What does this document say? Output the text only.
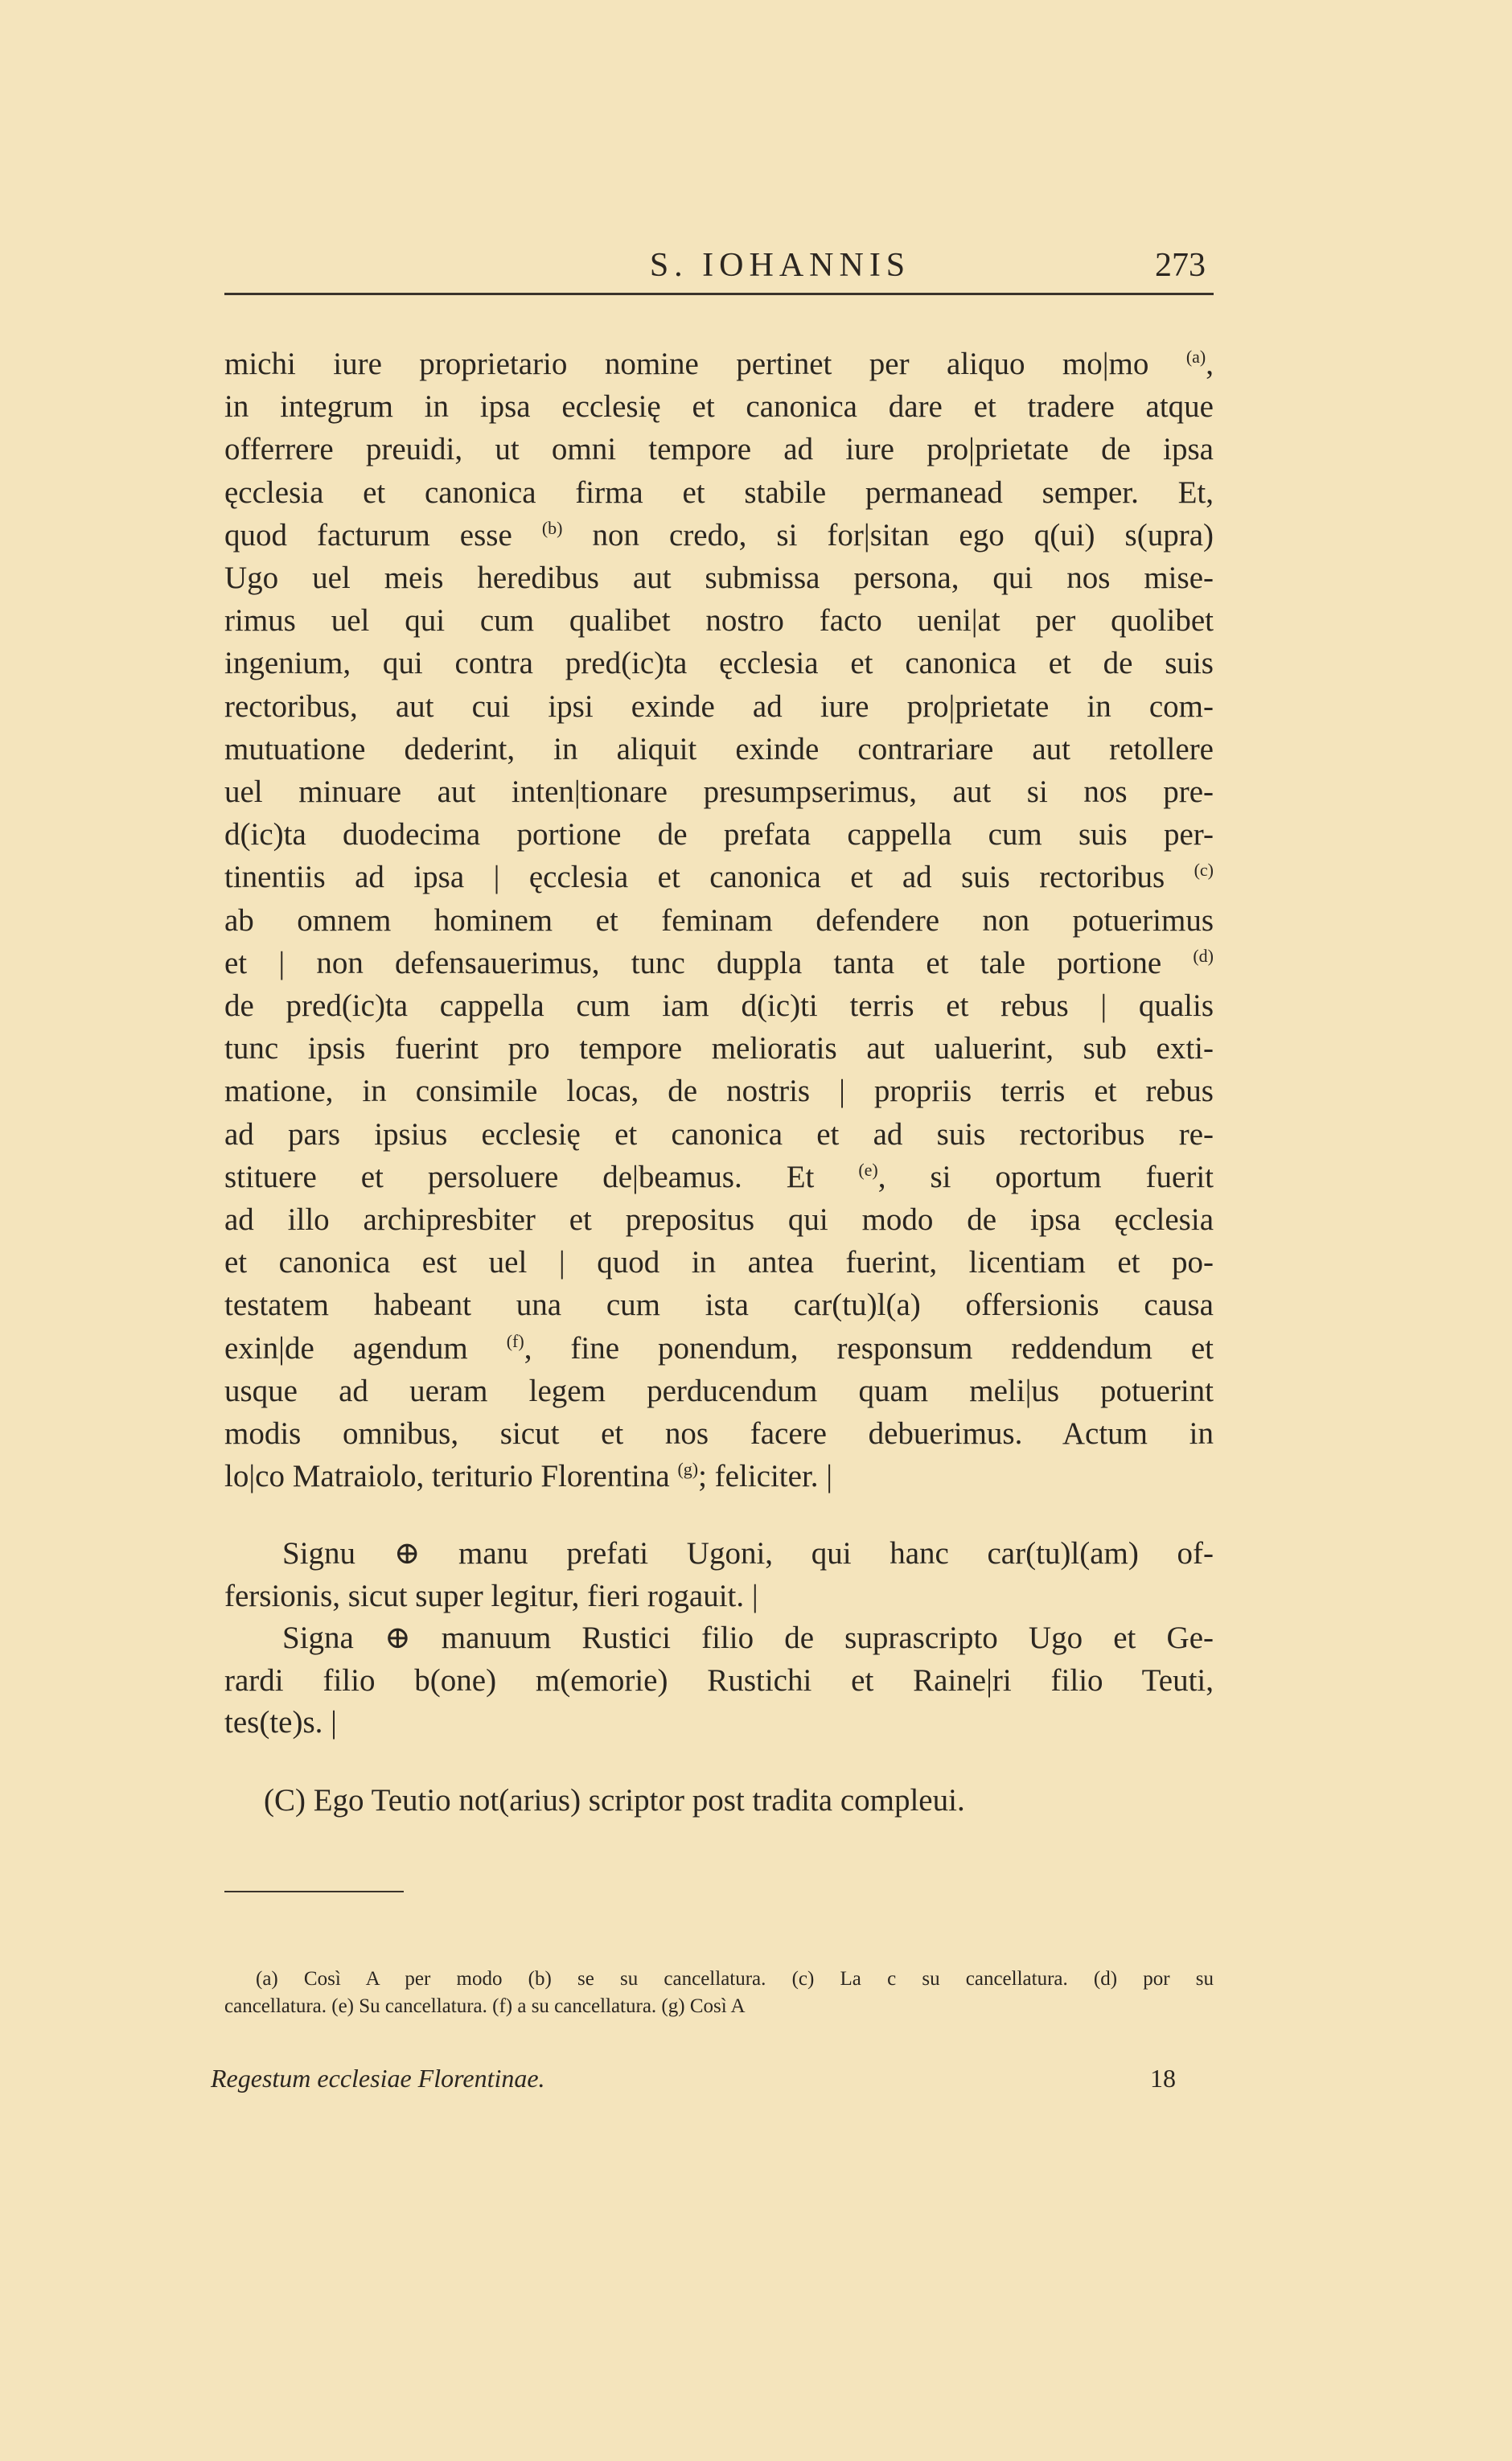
S. IOHANNIS	273
michi iure proprietario nomine pertinet per aliquo mo|mo $^{(a)}$,
in integrum in ipsa ecclesię et canonica dare et tradere atque
offerrere preuidi, ut omni tempore ad iure pro|prietate de ipsa
ęcclesia et canonica firma et stabile permanead semper. Et,
quod facturum esse $^{(b)}$ non credo, si for|sitan ego q(ui) s(upra)
Ugo uel meis heredibus aut submissa persona, qui nos mise-
rimus uel qui cum qualibet nostro facto ueni|at per quolibet
ingenium, qui contra pred(ic)ta ęcclesia et canonica et de suis
rectoribus, aut cui ipsi exinde ad iure pro|prietate in com-
mutuatione dederint, in aliquit exinde contrariare aut retollere
uel minuare aut inten|tionare presumpserimus, aut si nos pre-
d(ic)ta duodecima portione de prefata cappella cum suis per-
tinentiis ad ipsa | ęcclesia et canonica et ad suis rectoribus $^{(c)}$
ab omnem hominem et feminam defendere non potuerimus
et | non defensauerimus, tunc duppla tanta et tale portione $^{(d)}$
de pred(ic)ta cappella cum iam d(ic)ti terris et rebus | qualis
tunc ipsis fuerint pro tempore melioratis aut ualuerint, sub exti-
matione, in consimile locas, de nostris | propriis terris et rebus
ad pars ipsius ecclesię et canonica et ad suis rectoribus re-
stituere et persoluere de|beamus. Et $^{(e)}$, si oportum fuerit
ad illo archipresbiter et prepositus qui modo de ipsa ęcclesia
et canonica est uel | quod in antea fuerint, licentiam et po-
testatem habeant una cum ista car(tu)l(a) offersionis causa
exin|de agendum $^{(f)}$, fine ponendum, responsum reddendum et
usque ad ueram legem perducendum quam meli|us potuerint
modis omnibus, sicut et nos facere debuerimus. Actum in
lo|co Matraiolo, teriturio Florentina $^{(g)}$; feliciter. |
Signu ⊕ manu prefati Ugoni, qui hanc car(tu)l(am) of-
fersionis, sicut super legitur, fieri rogauit. |
Signa ⊕ manuum Rustici filio de suprascripto Ugo et Ge-
rardi filio b(one) m(emorie) Rustichi et Raine|ri filio Teuti,
tes(te)s. |
(C) Ego Teutio not(arius) scriptor post tradita compleui.
(a) Così A per modo (b) se su cancellatura. (c) La c su cancellatura. (d) por su
cancellatura. (e) Su cancellatura. (f) a su cancellatura. (g) Così A
Regestum ecclesiae Florentinae.	18
